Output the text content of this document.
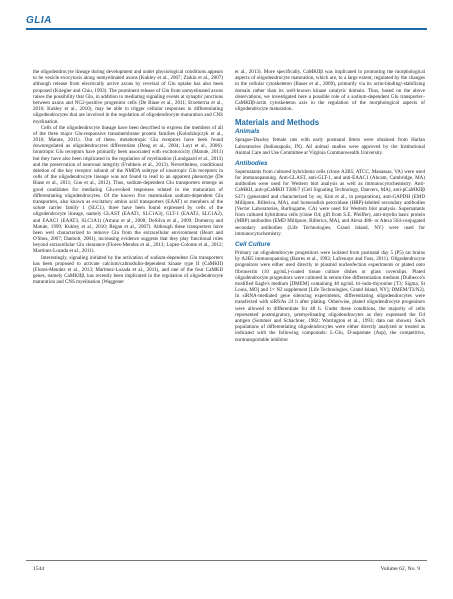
GLIA

the oligodendrocyte lineage during development and under physiological conditions appears to be vesicle exocytosis along unmyelinated axons (Kukley et al., 2007; Ziskin et al., 2007) although release from electrically active axons by reversal of Glu uptake has also been proposed (Kriegler and Chiu, 1993). The prominent release of Glu from unmyelinated axons raises the possibility that Glu, in addition to mediating signaling events at synaptic junctions between axons and NG2-positive progenitor cells (De Biase et al., 2011; Etxeberria et al., 2010; Kukley et al., 2010), may be able to trigger cellular responses in differentiating oligodendrocytes that are involved in the regulation of oligodendrocyte maturation and CNS myelination.

Cells of the oligodendrocyte lineage have been described to express the members of all of the three major Glu-responsive transmembrane protein families (Kolodziejczyk et al., 2010; Matute, 2011). Out of these, metabotropic Glu receptors have been found downregulated as oligodendrocytes differentiate (Deng et al., 2004; Luyt et al., 2006). Ionotropic Glu receptors have primarily been associated with excitotoxicity (Matute, 2011) but they have also been implicated in the regulation of myelination (Lundgaard et al., 2013) and the preservation of neuronal integrity (Fruhbeis et al., 2013). Nevertheless, conditional deletion of the key receptor subunit of the NMDA subtype of ionotropic Glu receptors in cells of the oligodendrocyte lineage was not found to lead to an apparent phenotype (De Biase et al., 2011; Guo et al., 2012). Thus, sodium-dependent Glu transporters emerge as good candidates for mediating Glu-evoked responses related to the maturation of differentiating oligodendrocytes. Of the known five mammalian sodium-dependent Glu transporters, also known as excitatory amino acid transporters (EAAT) or members of the solute carrier family 1 (SLC1), three have been found expressed by cells of the oligodendrocyte lineage, namely GLAST (EAAT1, SLC1A3), GLT-1 (EAAT2, SLC1A2), and EAAC1 (EAAT3, SLC1A1) (Arranz et al., 2008; DeSilva et al., 2009; Domercq and Matute, 1999; Kukley et al., 2010; Regan et al., 2007). Although these transporters have been well characterized to remove Glu from the extracellular environment (Beart and O'Shea, 2007; Danbolt, 2001), increasing evidence suggests that they play functional roles beyond extracellular Glu clearance (Flores-Mendez et al., 2013; Lopez-Colome et al., 2012; Martinez-Lozada et al., 2011).

Interestingly, signaling initiated by the activation of sodium-dependent Glu transporters has been proposed to activate calcium/calmodulin-dependent kinase type II (CaMKII) (Flores-Mendez et al., 2013; Martinez-Lozada et al., 2011), and one of the four CaMKII genes, namely CaMKIIβ, has recently been implicated in the regulation of oligodendrocyte maturation and CNS myelination (Waggener

et al., 2013). More specifically, CaMKIIβ was implicated in promoting the morphological aspects of oligodendrocyte maturation, which are, to a large extent, regulated by the changes in the cellular cytoskeleton (Bauer et al., 2009), primarily via its actin-binding/-stabilizing domain rather than its well-known kinase catalytic domain. Thus, based on the above observations, we investigated here a possible role of a sodium-dependent Glu transporter–CaMKIIβ-actin cytoskeleton axis in the regulation of the morphological aspects of oligodendrocyte maturation.

Materials and Methods
Animals

Sprague-Dawley female rats with early postnatal litters were obtained from Harlan Laboratories (Indianapolis, IN). All animal studies were approved by the Institutional Animal Care and Use Committee at Virginia Commonwealth University.

Antibodies

Supernatants from cultured hybridoma cells (clone A2B5; ATCC, Manassas, VA) were used for immunopanning. Anti-GLAST, anti-GLT-1, and anti-EAAC1 (Abcam, Cambridge, MA) antibodies were used for Western blot analysis as well as immunocytochemistry. Anti-CaMKII, anti-pCaMKII T286/7 (Cell Signaling Technology, Danvers, MA), anti-pCaMKIIβ S371 (generated and characterized by us; Kim et al., in preparation), anti-GAPDH (EMD Millipore, Billerica, MA), and horseradish peroxidase (HRP)-labeled secondary antibodies (Vector Laboratories, Burlingame, CA) were used for Western blot analysis. Supernatants from cultured hybridoma cells (clone O4; gift from S.E. Pfeiffer), anti-myelin basic protein (MBP) antibodies (EMD Millipore, Billerica, MA), and Alexa 488- or Alexa 564-conjugated secondary antibodies (Life Technologies, Grand Island, NY) were used for immunocytochemistry.

Cell Culture

Primary rat oligodendrocyte progenitors were isolated from postnatal day 5 (P5) rat brains by A2B5 immunopanning (Barres et al., 1992; Lafrenaye and Fuss, 2011). Oligodendrocyte progenitors were either used directly in plasmid nucleofection experiments or plated onto fibronectin (10 μg/mL)-coated tissue culture dishes or glass coverslips. Plated oligodendrocyte progenitors were cultured in serum-free differentiation medium (Dulbecco's modified Eagle's medium [DMEM] containing 40 ng/mL tri-iodo-thyronine [T3; Sigma, St Louis, MO] and 1× N2 supplement [Life Technologies, Grand Island, NY]; DMEM/T3/N2). In siRNA-mediated gene silencing experiments, differentiating oligodendrocytes were transfected with siRNAs 24 h after plating. Otherwise, plated oligodendrocyte progenitors were allowed to differentiate for 48 h. Under these conditions, the majority of cells represented postmigratory, premyelinating oligodendrocytes as they expressed the O4 antigen (Sommer and Schachner, 1982; Warrington et al., 1993; data not shown). Such populations of differentiating oligodendrocytes were either directly analyzed or treated as indicated with the following compounds: L-Glu, D-aspartate (Asp), the competitive, nontransportable inhibitor

1544	Volume 62, No. 9
